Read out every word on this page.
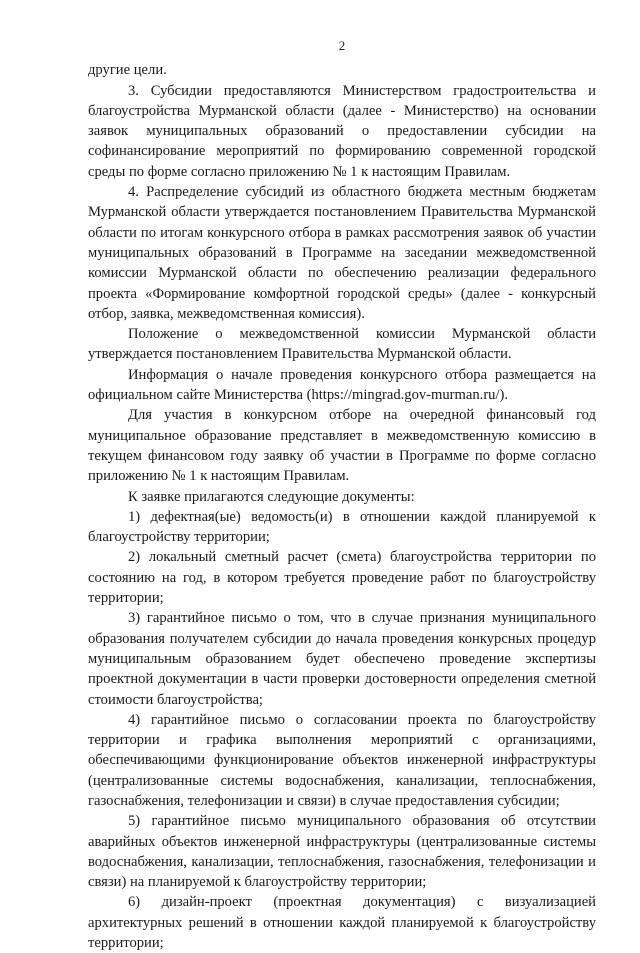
2

другие цели.

3. Субсидии предоставляются Министерством градостроительства и благоустройства Мурманской области (далее - Министерство) на основании заявок муниципальных образований о предоставлении субсидии на софинансирование мероприятий по формированию современной городской среды по форме согласно приложению № 1 к настоящим Правилам.

4. Распределение субсидий из областного бюджета местным бюджетам Мурманской области утверждается постановлением Правительства Мурманской области по итогам конкурсного отбора в рамках рассмотрения заявок об участии муниципальных образований в Программе на заседании межведомственной комиссии Мурманской области по обеспечению реализации федерального проекта «Формирование комфортной городской среды» (далее - конкурсный отбор, заявка, межведомственная комиссия).

Положение о межведомственной комиссии Мурманской области утверждается постановлением Правительства Мурманской области.

Информация о начале проведения конкурсного отбора размещается на официальном сайте Министерства (https://mingrad.gov-murman.ru/).

Для участия в конкурсном отборе на очередной финансовый год муниципальное образование представляет в межведомственную комиссию в текущем финансовом году заявку об участии в Программе по форме согласно приложению № 1 к настоящим Правилам.

К заявке прилагаются следующие документы:

1) дефектная(ые) ведомость(и) в отношении каждой планируемой к благоустройству территории;

2) локальный сметный расчет (смета) благоустройства территории по состоянию на год, в котором требуется проведение работ по благоустройству территории;

3) гарантийное письмо о том, что в случае признания муниципального образования получателем субсидии до начала проведения конкурсных процедур муниципальным образованием будет обеспечено проведение экспертизы проектной документации в части проверки достоверности определения сметной стоимости благоустройства;

4) гарантийное письмо о согласовании проекта по благоустройству территории и графика выполнения мероприятий с организациями, обеспечивающими функционирование объектов инженерной инфраструктуры (централизованные системы водоснабжения, канализации, теплоснабжения, газоснабжения, телефонизации и связи) в случае предоставления субсидии;

5) гарантийное письмо муниципального образования об отсутствии аварийных объектов инженерной инфраструктуры (централизованные системы водоснабжения, канализации, теплоснабжения, газоснабжения, телефонизации и связи) на планируемой к благоустройству территории;

6) дизайн-проект (проектная документация) с визуализацией архитектурных решений в отношении каждой планируемой к благоустройству территории;
